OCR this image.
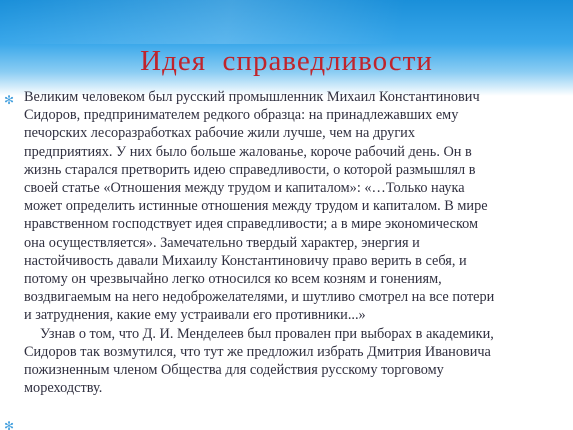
Идея  справедливости
✻
✻

Великим человеком был русский промышленник Михаил Константинович
Сидоров, предпринимателем редкого образца: на принадлежавших ему
печорских лесоразработках рабочие жили лучше, чем на других
предприятиях. У них было больше жалованье, короче рабочий день. Он в
жизнь старался претворить идею справедливости, о которой размышлял в
своей статье «Отношения между трудом и капиталом»: «…Только наука
может определить истинные отношения между трудом и капиталом. В мире
нравственном господствует идея справедливости; а в мире экономическом
она осуществляется». Замечательно твердый характер, энергия и
настойчивость давали Михаилу Константиновичу право верить в себя, и
потому он чрезвычайно легко относился ко всем козням и гонениям,
воздвигаемым на него недоброжелателями, и шутливо смотрел на все потери
и затруднения, какие ему устраивали его противники...»

Узнав о том, что Д. И. Менделеев был провален при выборах в академики,
Сидоров так возмутился, что тут же предложил избрать Дмитрия Ивановича
пожизненным членом Общества для содействия русскому торговому
мореходству.
